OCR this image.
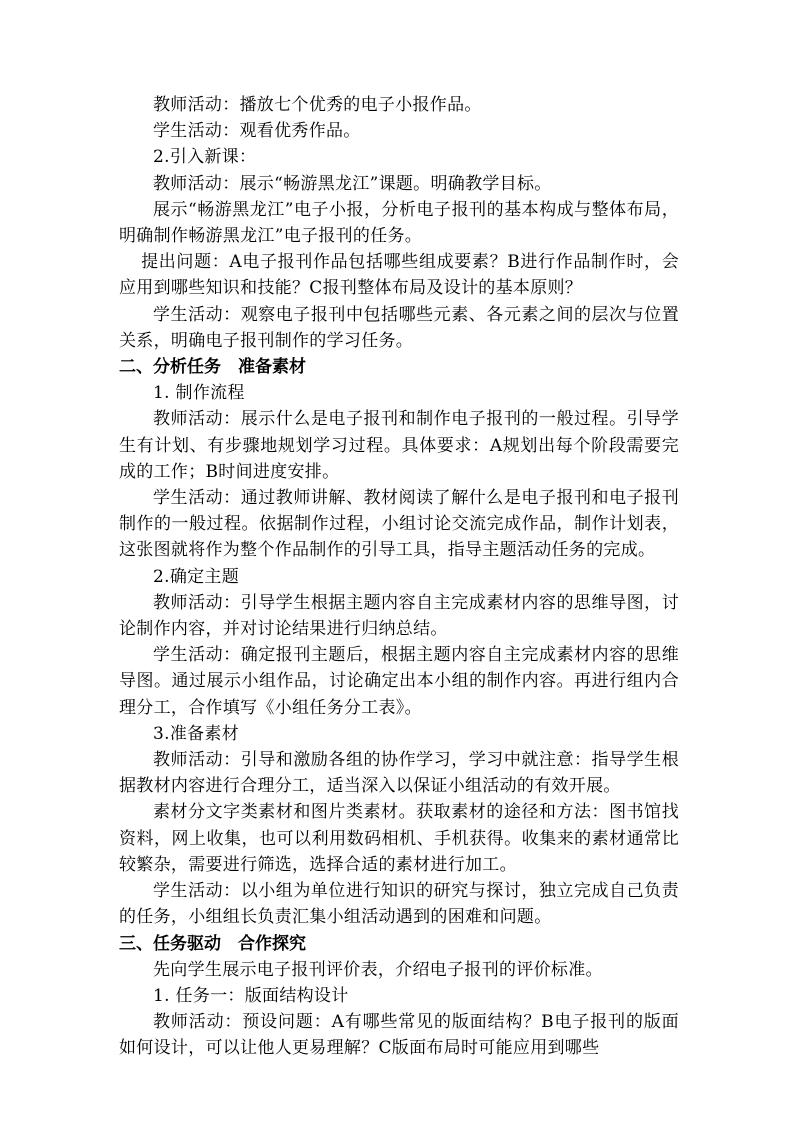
教师活动：播放七个优秀的电子小报作品。

学生活动：观看优秀作品。

2.引入新课：

教师活动：展示“畅游黑龙江”课题。明确教学目标。

展示“畅游黑龙江”电子小报，分析电子报刊的基本构成与整体布局，明确制作畅游黑龙江”电子报刊的任务。

提出问题：A电子报刊作品包括哪些组成要素？B进行作品制作时，会应用到哪些知识和技能？C报刊整体布局及设计的基本原则？

学生活动：观察电子报刊中包括哪些元素、各元素之间的层次与位置关系，明确电子报刊制作的学习任务。

二、分析任务　准备素材

1. 制作流程

教师活动：展示什么是电子报刊和制作电子报刊的一般过程。引导学生有计划、有步骤地规划学习过程。具体要求：A规划出每个阶段需要完成的工作；B时间进度安排。

学生活动：通过教师讲解、教材阅读了解什么是电子报刊和电子报刊制作的一般过程。依据制作过程，小组讨论交流完成作品，制作计划表，这张图就将作为整个作品制作的引导工具，指导主题活动任务的完成。

2.确定主题

教师活动：引导学生根据主题内容自主完成素材内容的思维导图，讨论制作内容，并对讨论结果进行归纳总结。

学生活动：确定报刊主题后，根据主题内容自主完成素材内容的思维导图。通过展示小组作品，讨论确定出本小组的制作内容。再进行组内合理分工，合作填写《小组任务分工表》。

3.准备素材

教师活动：引导和激励各组的协作学习，学习中就注意：指导学生根据教材内容进行合理分工，适当深入以保证小组活动的有效开展。

素材分文字类素材和图片类素材。获取素材的途径和方法：图书馆找资料，网上收集，也可以利用数码相机、手机获得。收集来的素材通常比较繁杂，需要进行筛选，选择合适的素材进行加工。

学生活动：以小组为单位进行知识的研究与探讨，独立完成自己负责的任务，小组组长负责汇集小组活动遇到的困难和问题。

三、任务驱动　合作探究

先向学生展示电子报刊评价表，介绍电子报刊的评价标准。

1. 任务一：版面结构设计

教师活动：预设问题：A有哪些常见的版面结构？B电子报刊的版面如何设计，可以让他人更易理解？C版面布局时可能应用到哪些
